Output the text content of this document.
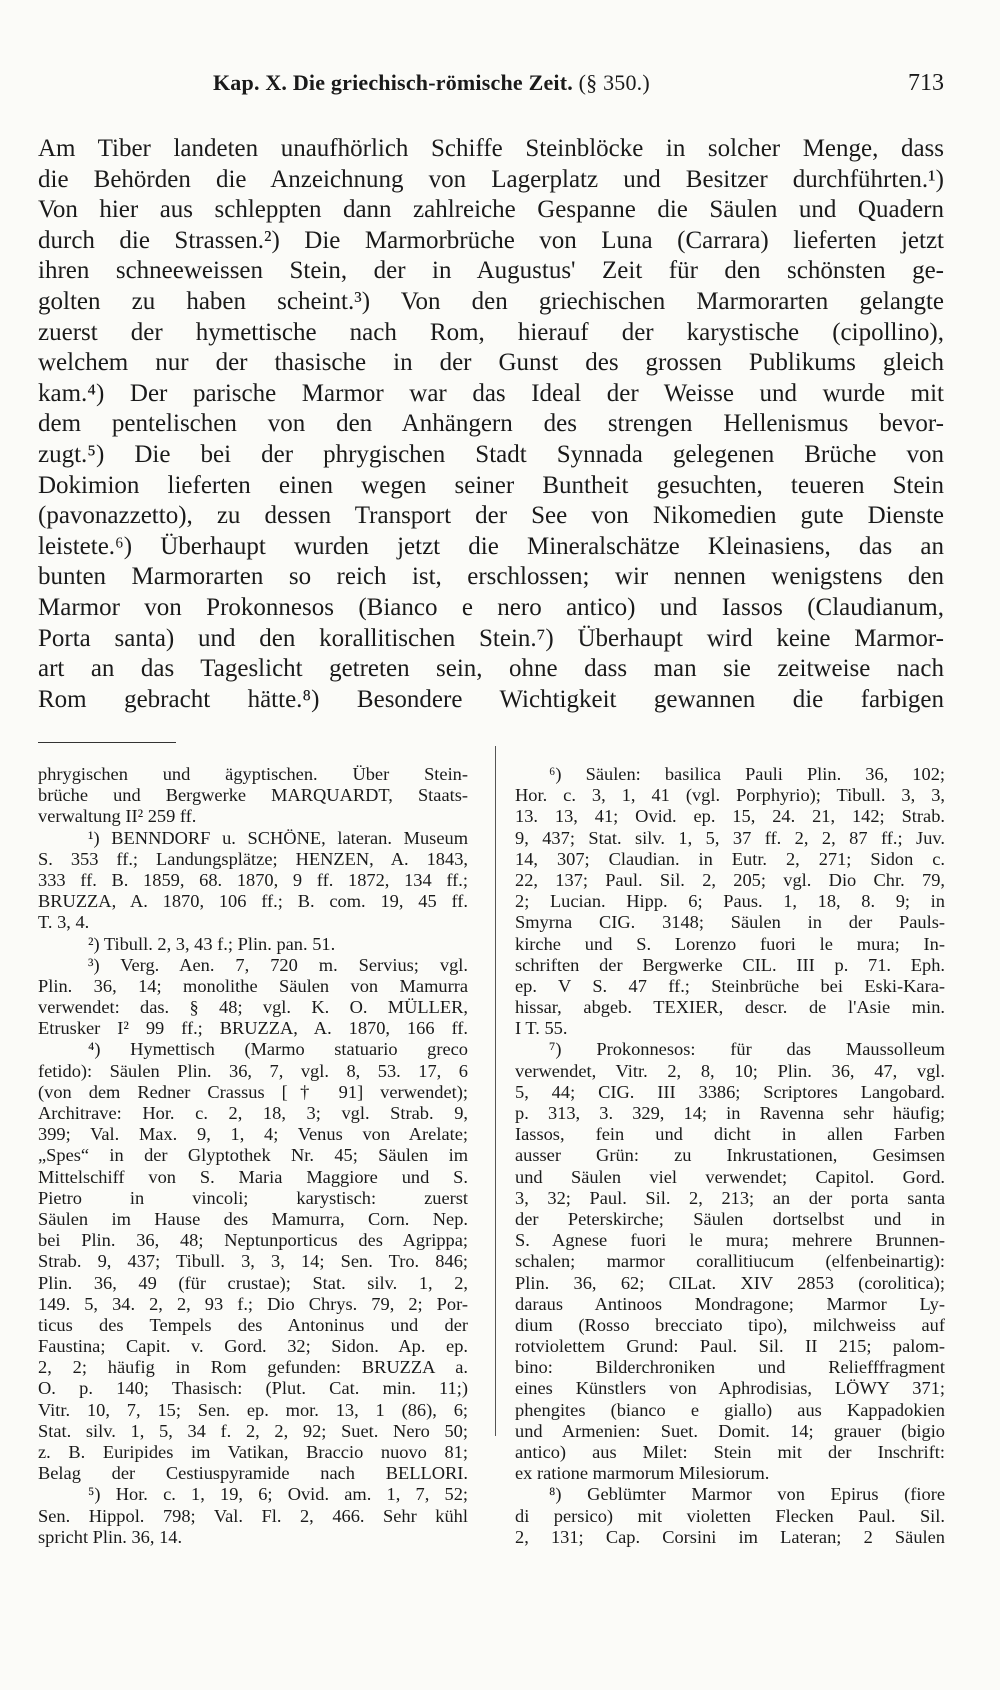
Kap. X. Die griechisch-römische Zeit. (§ 350.)	713
Am Tiber landeten unaufhörlich Schiffe Steinblöcke in solcher Menge, dass
die Behörden die Anzeichnung von Lagerplatz und Besitzer durchführten.¹)
Von hier aus schleppten dann zahlreiche Gespanne die Säulen und Quadern
durch die Strassen.²) Die Marmorbrüche von Luna (Carrara) lieferten jetzt
ihren schneeweissen Stein, der in Augustus' Zeit für den schönsten ge-
golten zu haben scheint.³) Von den griechischen Marmorarten gelangte
zuerst der hymettische nach Rom, hierauf der karystische (cipollino),
welchem nur der thasische in der Gunst des grossen Publikums gleich
kam.⁴) Der parische Marmor war das Ideal der Weisse und wurde mit
dem pentelischen von den Anhängern des strengen Hellenismus bevor-
zugt.⁵) Die bei der phrygischen Stadt Synnada gelegenen Brüche von
Dokimion lieferten einen wegen seiner Buntheit gesuchten, teueren Stein
(pavonazzetto), zu dessen Transport der See von Nikomedien gute Dienste
leistete.⁶) Überhaupt wurden jetzt die Mineralschätze Kleinasiens, das an
bunten Marmorarten so reich ist, erschlossen; wir nennen wenigstens den
Marmor von Prokonnesos (Bianco e nero antico) und Iassos (Claudianum,
Porta santa) und den korallitischen Stein.⁷) Überhaupt wird keine Marmor-
art an das Tageslicht getreten sein, ohne dass man sie zeitweise nach
Rom gebracht hätte.⁸) Besondere Wichtigkeit gewannen die farbigen
phrygischen und ägyptischen. Über Stein-
brüche und Bergwerke MARQUARDT, Staats-
verwaltung II² 259 ff.
¹) BENNDORF u. SCHÖNE, lateran. Museum
S. 353 ff.; Landungsplätze; HENZEN, A. 1843,
333 ff. B. 1859, 68. 1870, 9 ff. 1872, 134 ff.;
BRUZZA, A. 1870, 106 ff.; B. com. 19, 45 ff.
T. 3, 4.
²) Tibull. 2, 3, 43 f.; Plin. pan. 51.
³) Verg. Aen. 7, 720 m. Servius; vgl.
Plin. 36, 14; monolithe Säulen von Mamurra
verwendet: das. § 48; vgl. K. O. MÜLLER,
Etrusker I² 99 ff.; BRUZZA, A. 1870, 166 ff.
⁴) Hymettisch (Marmo statuario greco
fetido): Säulen Plin. 36, 7, vgl. 8, 53. 17, 6
(von dem Redner Crassus [† 91] verwendet);
Architrave: Hor. c. 2, 18, 3; vgl. Strab. 9,
399; Val. Max. 9, 1, 4; Venus von Arelate;
„Spes“ in der Glyptothek Nr. 45; Säulen im
Mittelschiff von S. Maria Maggiore und S.
Pietro in vincoli; karystisch: zuerst
Säulen im Hause des Mamurra, Corn. Nep.
bei Plin. 36, 48; Neptunporticus des Agrippa;
Strab. 9, 437; Tibull. 3, 3, 14; Sen. Tro. 846;
Plin. 36, 49 (für crustae); Stat. silv. 1, 2,
149. 5, 34. 2, 2, 93 f.; Dio Chrys. 79, 2; Por-
ticus des Tempels des Antoninus und der
Faustina; Capit. v. Gord. 32; Sidon. Ap. ep.
2, 2; häufig in Rom gefunden: BRUZZA a.
O. p. 140; Thasisch: (Plut. Cat. min. 11;)
Vitr. 10, 7, 15; Sen. ep. mor. 13, 1 (86), 6;
Stat. silv. 1, 5, 34 f. 2, 2, 92; Suet. Nero 50;
z. B. Euripides im Vatikan, Braccio nuovo 81;
Belag der Cestiuspyramide nach BELLORI.
⁵) Hor. c. 1, 19, 6; Ovid. am. 1, 7, 52;
Sen. Hippol. 798; Val. Fl. 2, 466. Sehr kühl
spricht Plin. 36, 14.
⁶) Säulen: basilica Pauli Plin. 36, 102;
Hor. c. 3, 1, 41 (vgl. Porphyrio); Tibull. 3, 3,
13. 13, 41; Ovid. ep. 15, 24. 21, 142; Strab.
9, 437; Stat. silv. 1, 5, 37 ff. 2, 2, 87 ff.; Juv.
14, 307; Claudian. in Eutr. 2, 271; Sidon c.
22, 137; Paul. Sil. 2, 205; vgl. Dio Chr. 79,
2; Lucian. Hipp. 6; Paus. 1, 18, 8. 9; in
Smyrna CIG. 3148; Säulen in der Pauls-
kirche und S. Lorenzo fuori le mura; In-
schriften der Bergwerke CIL. III p. 71. Eph.
ep. V S. 47 ff.; Steinbrüche bei Eski-Kara-
hissar, abgeb. TEXIER, descr. de l'Asie min.
I T. 55.
⁷) Prokonnesos: für das Maussolleum
verwendet, Vitr. 2, 8, 10; Plin. 36, 47, vgl.
5, 44; CIG. III 3386; Scriptores Langobard.
p. 313, 3. 329, 14; in Ravenna sehr häufig;
Iassos, fein und dicht in allen Farben
ausser Grün: zu Inkrustationen, Gesimsen
und Säulen viel verwendet; Capitol. Gord.
3, 32; Paul. Sil. 2, 213; an der porta santa
der Peterskirche; Säulen dortselbst und in
S. Agnese fuori le mura; mehrere Brunnen-
schalen; marmor corallitiucum (elfenbeinartig):
Plin. 36, 62; CILat. XIV 2853 (corolitica);
daraus Antinoos Mondragone; Marmor Ly-
dium (Rosso brecciato tipo), milchweiss auf
rotviolettem Grund: Paul. Sil. II 215; palom-
bino: Bilderchroniken und Reliefffragment
eines Künstlers von Aphrodisias, LÖWY 371;
phengites (bianco e giallo) aus Kappadokien
und Armenien: Suet. Domit. 14; grauer (bigio
antico) aus Milet: Stein mit der Inschrift:
ex ratione marmorum Milesiorum.
⁸) Geblümter Marmor von Epirus (fiore
di persico) mit violetten Flecken Paul. Sil.
2, 131; Cap. Corsini im Lateran; 2 Säulen
